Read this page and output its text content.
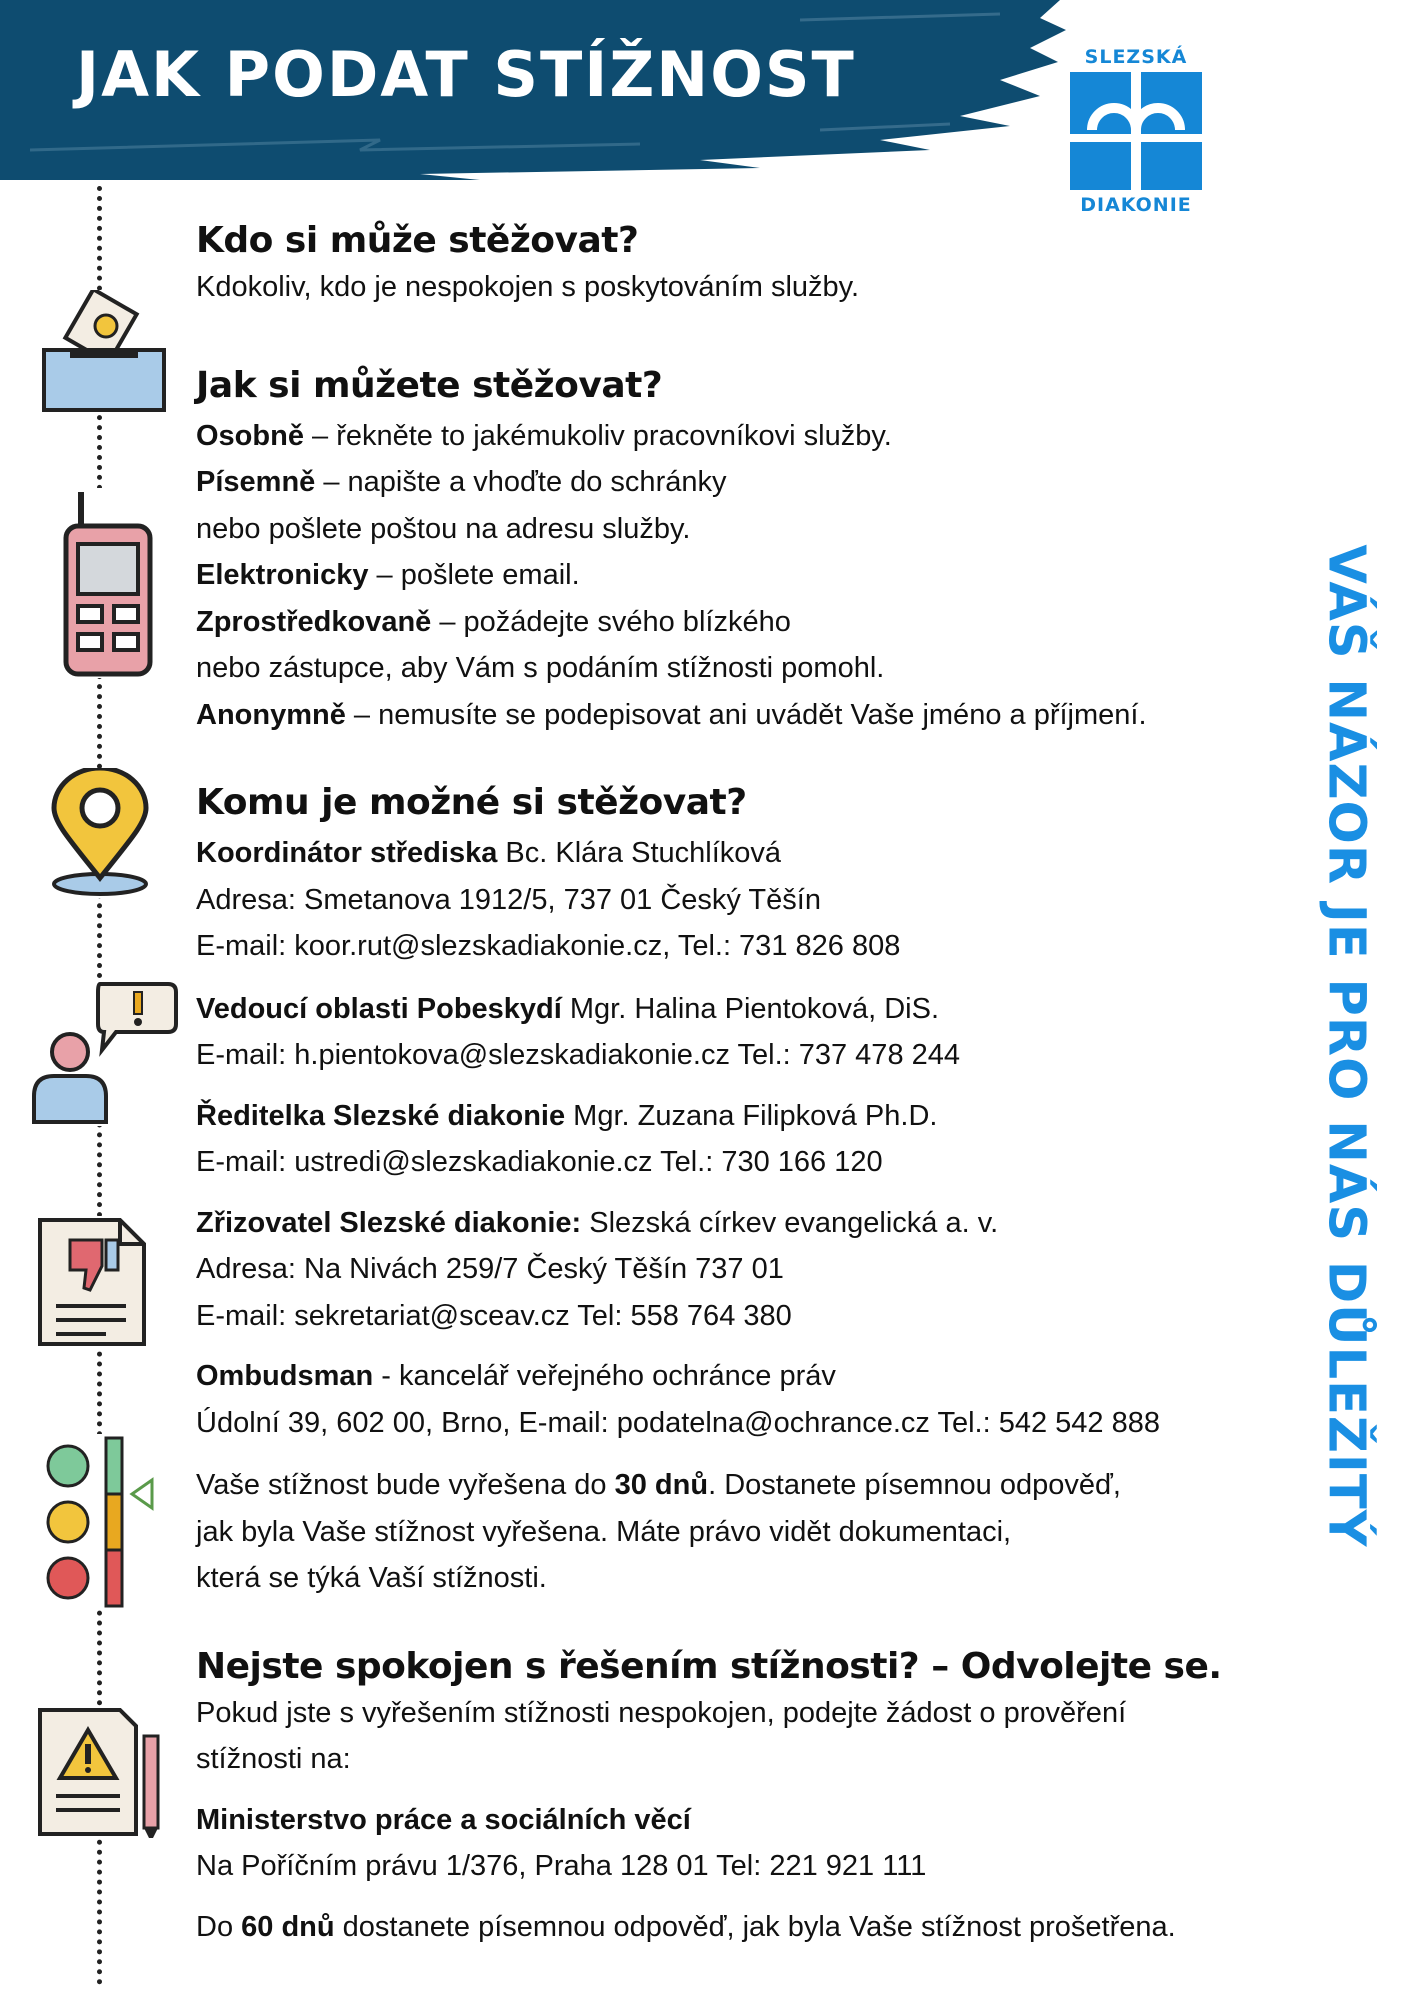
JAK PODAT STÍŽNOST	SLEZSKÁ
DIAKONIE
VÁŠ NÁZOR JE PRO NÁS DŮLEŽITÝ
Kdo si může stěžovat?

Kdokoliv, kdo je nespokojen s poskytováním služby.

Jak si můžete stěžovat?

Osobně – řekněte to jakémukoliv pracovníkovi služby.

Písemně – napište a vhoďte do schránky

nebo pošlete poštou na adresu služby.

Elektronicky – pošlete email.

Zprostředkovaně – požádejte svého blízkého

nebo zástupce, aby Vám s podáním stížnosti pomohl.

Anonymně – nemusíte se podepisovat ani uvádět Vaše jméno a příjmení.

Komu je možné si stěžovat?

Koordinátor střediska Bc. Klára Stuchlíková

Adresa: Smetanova 1912/5, 737 01 Český Těšín

E-mail: koor.rut@slezskadiakonie.cz, Tel.: 731 826 808

Vedoucí oblasti Pobeskydí Mgr. Halina Pientoková, DiS.

E-mail: h.pientokova@slezskadiakonie.cz Tel.: 737 478 244

Ředitelka Slezské diakonie Mgr. Zuzana Filipková Ph.D.

E-mail: ustredi@slezskadiakonie.cz Tel.: 730 166 120

Zřizovatel Slezské diakonie: Slezská církev evangelická a. v.

Adresa: Na Nivách 259/7 Český Těšín 737 01

E-mail: sekretariat@sceav.cz Tel: 558 764 380

Ombudsman - kancelář veřejného ochránce práv

Údolní 39, 602 00, Brno, E-mail: podatelna@ochrance.cz Tel.: 542 542 888

Vaše stížnost bude vyřešena do 30 dnů. Dostanete písemnou odpověď,

jak byla Vaše stížnost vyřešena. Máte právo vidět dokumentaci,

která se týká Vaší stížnosti.

Nejste spokojen s řešením stížnosti? – Odvolejte se.

Pokud jste s vyřešením stížnosti nespokojen, podejte žádost o prověření

stížnosti na:

Ministerstvo práce a sociálních věcí

Na Poříčním právu 1/376, Praha 128 01 Tel: 221 921 111

Do 60 dnů dostanete písemnou odpověď, jak byla Vaše stížnost prošetřena.
